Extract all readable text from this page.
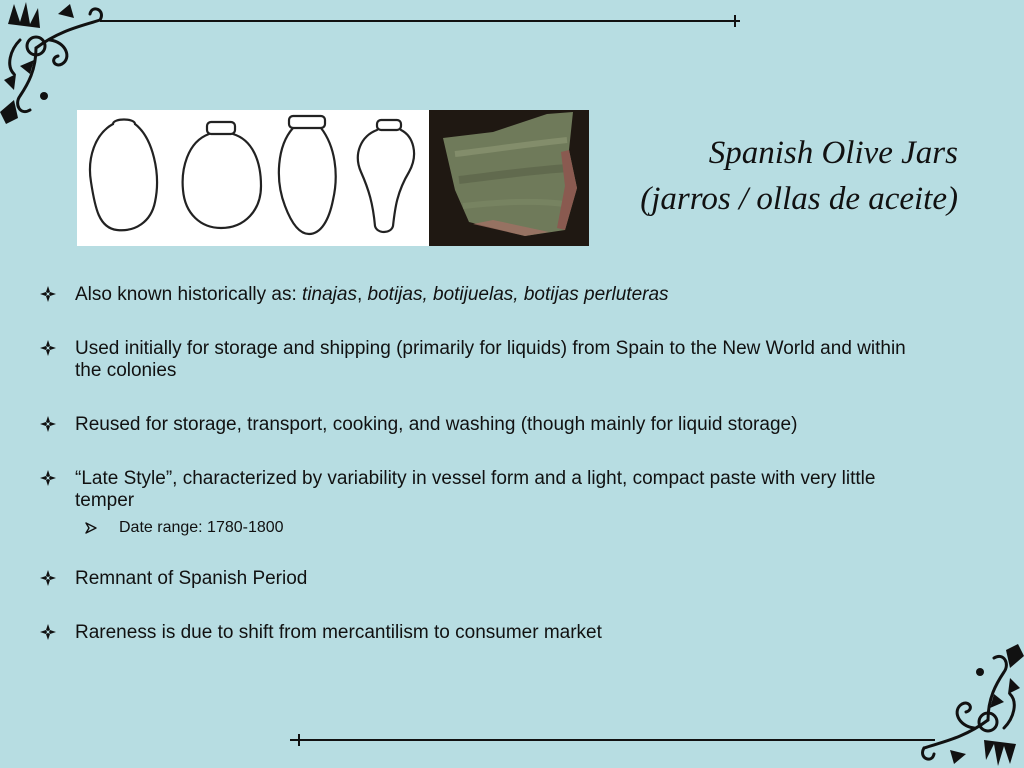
Spanish Olive Jars
(jarros / ollas de aceite)
Also known historically as: tinajas, botijas, botijuelas, botijas perluteras
Used initially for storage and shipping (primarily for liquids) from Spain to the New World and within the colonies
Reused for storage, transport, cooking, and washing (though mainly for liquid storage)
“Late Style”, characterized by variability in vessel form and a light, compact paste with very little temper
Date range: 1780-1800
Remnant of Spanish Period
Rareness is due to shift from mercantilism to consumer market
